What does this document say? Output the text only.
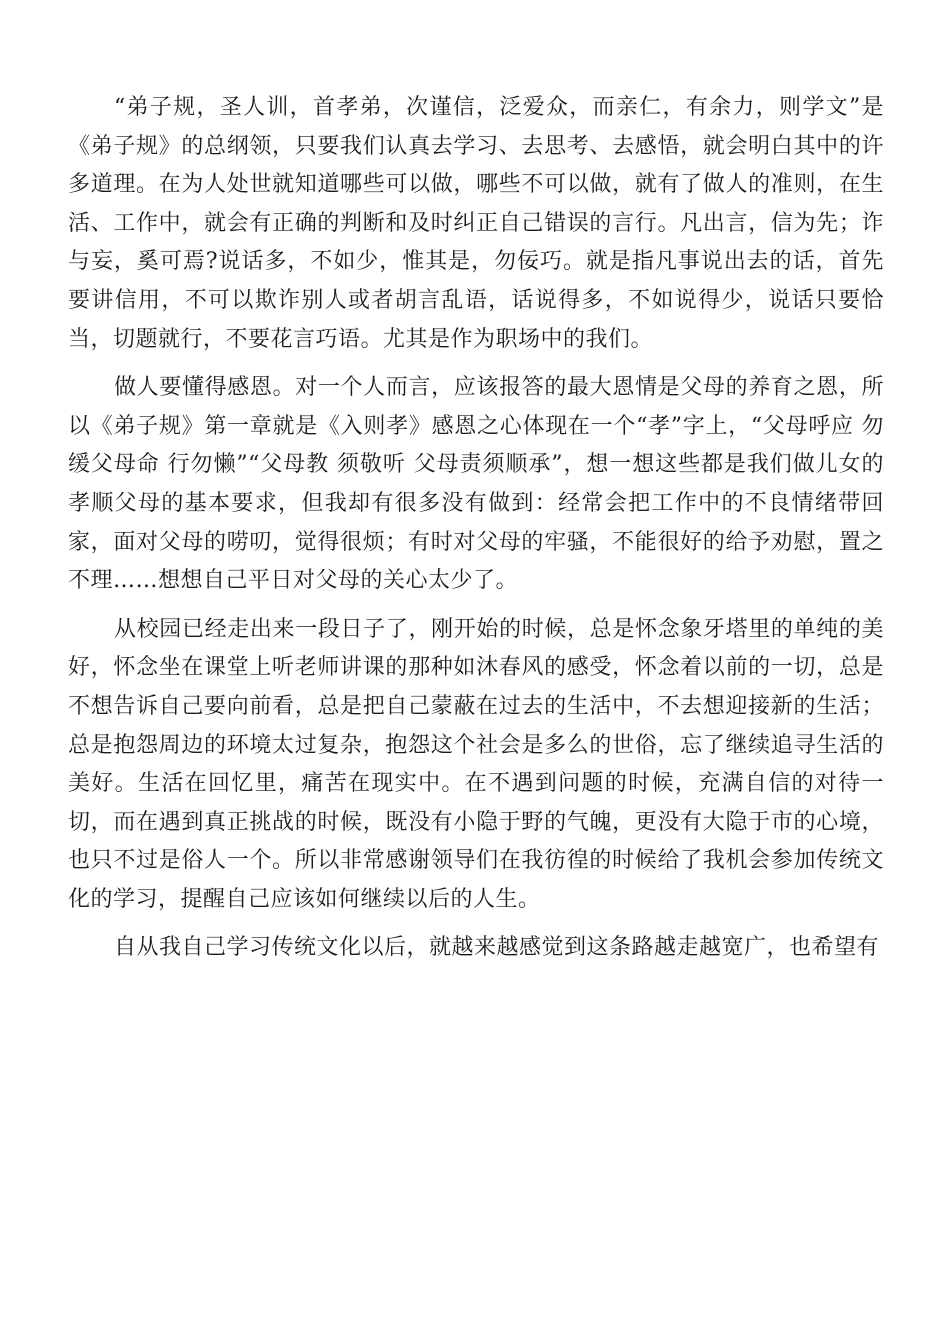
“弟子规，圣人训，首孝弟，次谨信，泛爱众，而亲仁，有余力，则学文”是《弟子规》的总纲领，只要我们认真去学习、去思考、去感悟，就会明白其中的许多道理。在为人处世就知道哪些可以做，哪些不可以做，就有了做人的准则，在生活、工作中，就会有正确的判断和及时纠正自己错误的言行。凡出言，信为先；诈与妄，奚可焉?说话多，不如少，惟其是，勿佞巧。就是指凡事说出去的话，首先要讲信用，不可以欺诈别人或者胡言乱语，话说得多，不如说得少，说话只要恰当，切题就行，不要花言巧语。尤其是作为职场中的我们。

做人要懂得感恩。对一个人而言，应该报答的最大恩情是父母的养育之恩，所以《弟子规》第一章就是《入则孝》感恩之心体现在一个“孝”字上，“父母呼应 勿缓父母命 行勿懒”“父母教 须敬听 父母责须顺承”，想一想这些都是我们做儿女的孝顺父母的基本要求，但我却有很多没有做到：经常会把工作中的不良情绪带回家，面对父母的唠叨，觉得很烦；有时对父母的牢骚，不能很好的给予劝慰，置之不理……想想自己平日对父母的关心太少了。

从校园已经走出来一段日子了，刚开始的时候，总是怀念象牙塔里的单纯的美好，怀念坐在课堂上听老师讲课的那种如沐春风的感受，怀念着以前的一切，总是不想告诉自己要向前看，总是把自己蒙蔽在过去的生活中，不去想迎接新的生活；总是抱怨周边的环境太过复杂，抱怨这个社会是多么的世俗，忘了继续追寻生活的美好。生活在回忆里，痛苦在现实中。在不遇到问题的时候，充满自信的对待一切，而在遇到真正挑战的时候，既没有小隐于野的气魄，更没有大隐于市的心境，也只不过是俗人一个。所以非常感谢领导们在我彷徨的时候给了我机会参加传统文化的学习，提醒自己应该如何继续以后的人生。

自从我自己学习传统文化以后，就越来越感觉到这条路越走越宽广，也希望有
